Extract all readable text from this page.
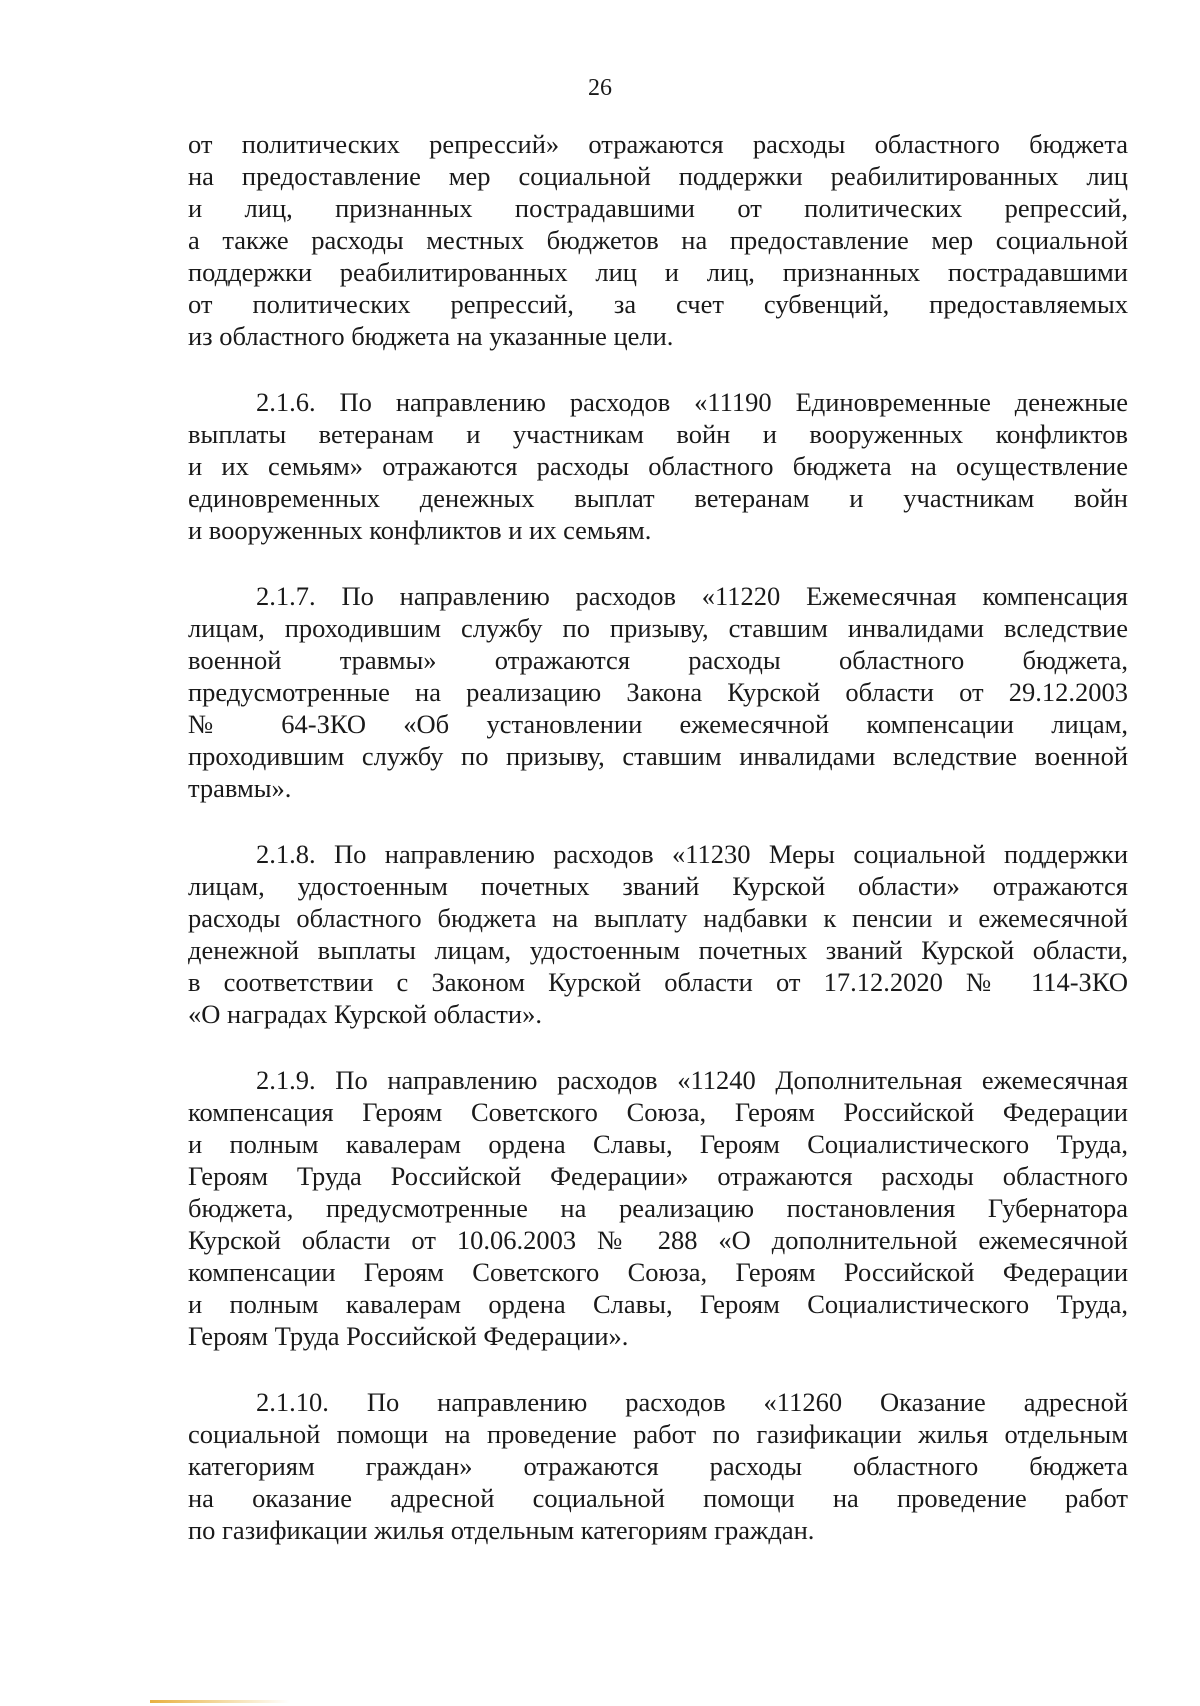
26
от политических репрессий» отражаются расходы областного бюджета
на предоставление мер социальной поддержки реабилитированных лиц
и лиц, признанных пострадавшими от политических репрессий,
а также расходы местных бюджетов на предоставление мер социальной
поддержки реабилитированных лиц и лиц, признанных пострадавшими
от политических репрессий, за счет субвенций, предоставляемых
из областного бюджета на указанные цели.
2.1.6. По направлению расходов «11190 Единовременные денежные
выплаты ветеранам и участникам войн и вооруженных конфликтов
и их семьям» отражаются расходы областного бюджета на осуществление
единовременных денежных выплат ветеранам и участникам войн
и вооруженных конфликтов и их семьям.
2.1.7. По направлению расходов «11220 Ежемесячная компенсация
лицам, проходившим службу по призыву, ставшим инвалидами вследствие
военной травмы» отражаются расходы областного бюджета,
предусмотренные на реализацию Закона Курской области от 29.12.2003
№ 64-ЗКО «Об установлении ежемесячной компенсации лицам,
проходившим службу по призыву, ставшим инвалидами вследствие военной
травмы».
2.1.8. По направлению расходов «11230 Меры социальной поддержки
лицам, удостоенным почетных званий Курской области» отражаются
расходы областного бюджета на выплату надбавки к пенсии и ежемесячной
денежной выплаты лицам, удостоенным почетных званий Курской области,
в соответствии с Законом Курской области от 17.12.2020 № 114-ЗКО
«О наградах Курской области».
2.1.9. По направлению расходов «11240 Дополнительная ежемесячная
компенсация Героям Советского Союза, Героям Российской Федерации
и полным кавалерам ордена Славы, Героям Социалистического Труда,
Героям Труда Российской Федерации» отражаются расходы областного
бюджета, предусмотренные на реализацию постановления Губернатора
Курской области от 10.06.2003 № 288 «О дополнительной ежемесячной
компенсации Героям Советского Союза, Героям Российской Федерации
и полным кавалерам ордена Славы, Героям Социалистического Труда,
Героям Труда Российской Федерации».
2.1.10. По направлению расходов «11260 Оказание адресной
социальной помощи на проведение работ по газификации жилья отдельным
категориям граждан» отражаются расходы областного бюджета
на оказание адресной социальной помощи на проведение работ
по газификации жилья отдельным категориям граждан.
